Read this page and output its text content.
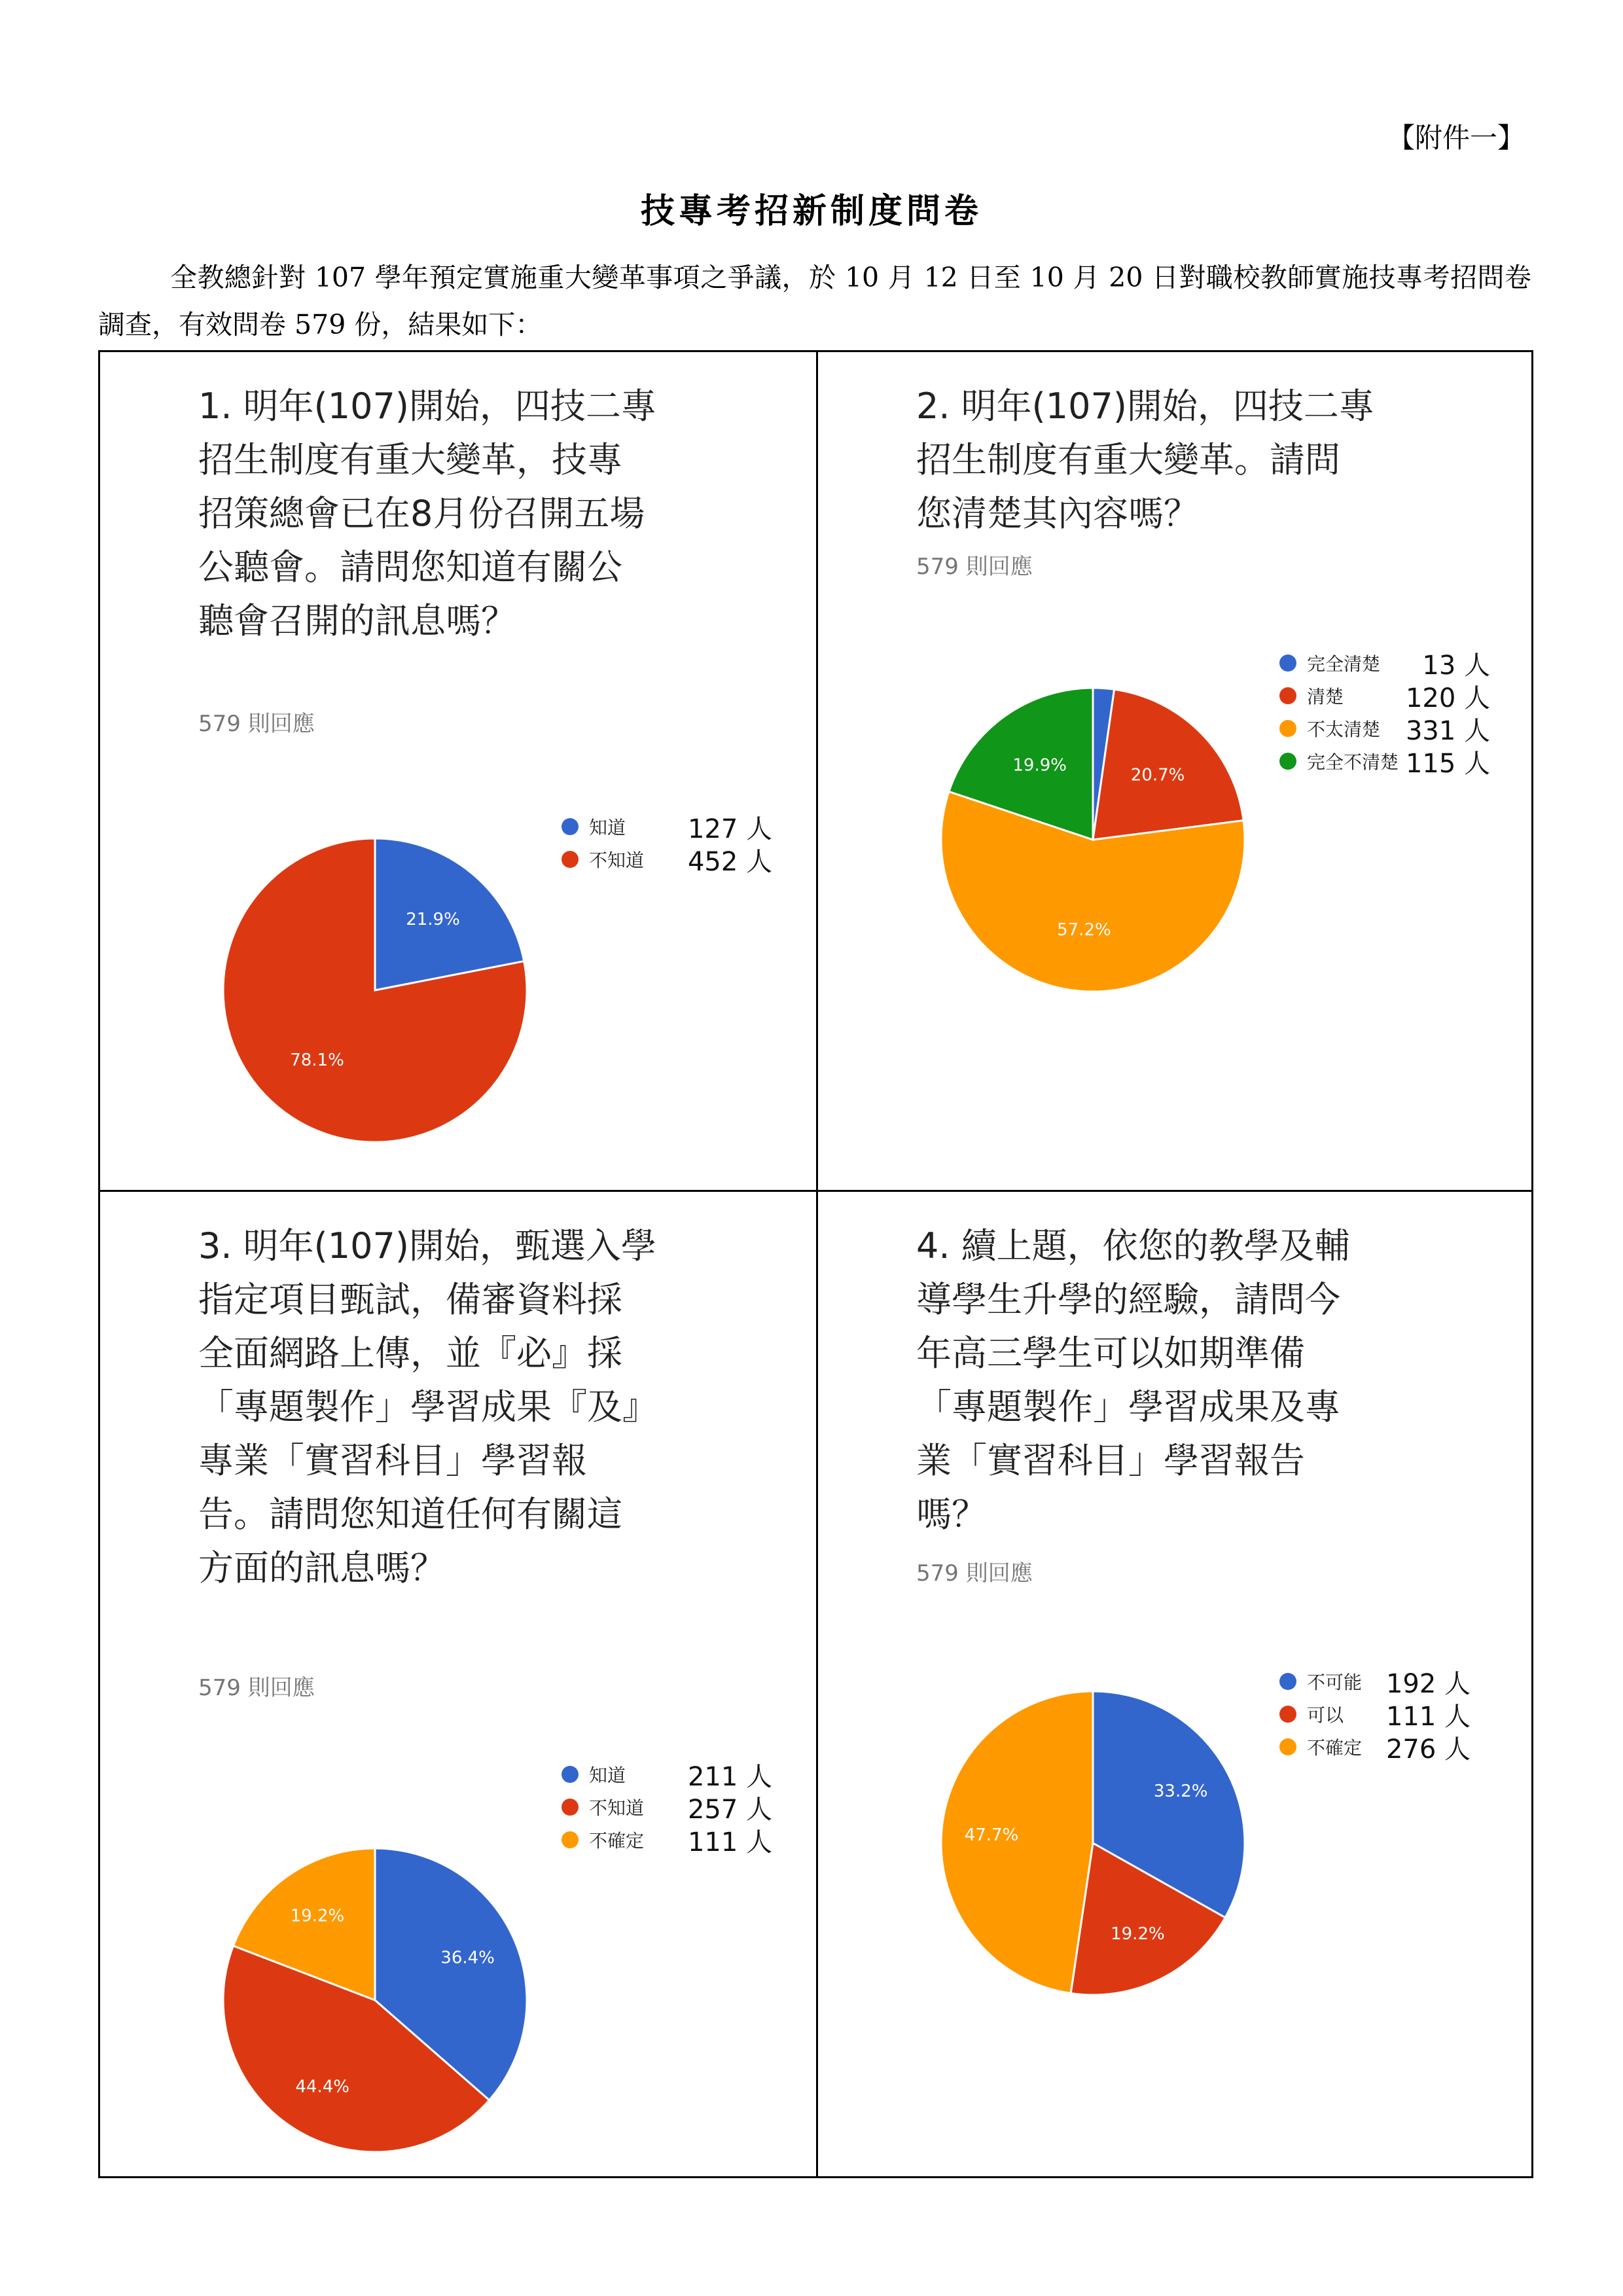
【附件一】
技專考招新制度問卷
全教總針對 107 學年預定實施重大變革事項之爭議，於 10 月 12 日至 10 月 20 日對職校教師實施技專考招問卷調查，有效問卷 579 份，結果如下：
1. 明年(107)開始，四技二專招生制度有重大變革，技專招策總會已在8月份召開五場公聽會。請問您知道有關公聽會召開的訊息嗎？
579 則回應
知道	127 人
不知道	452 人
21.9%
78.1%
2. 明年(107)開始，四技二專招生制度有重大變革。請問您清楚其內容嗎？
579 則回應
完全清楚	13 人
清楚	120 人
不太清楚 331 人
完全不清楚 115 人
20.7%
57.2%
19.9%
3. 明年(107)開始，甄選入學指定項目甄試，備審資料採全面網路上傳，並『必』採「專題製作」學習成果『及』專業「實習科目」學習報告。請問您知道任何有關這方面的訊息嗎？
579 則回應
知道	211 人
不知道	257 人
不確定	111 人
36.4%
44.4%
19.2%
4. 續上題，依您的教學及輔導學生升學的經驗，請問今年高三學生可以如期準備「專題製作」學習成果及專業「實習科目」學習報告嗎？
579 則回應
不可能 192 人
可以	111 人
不確定 276 人
33.2%
19.2%
47.7%
